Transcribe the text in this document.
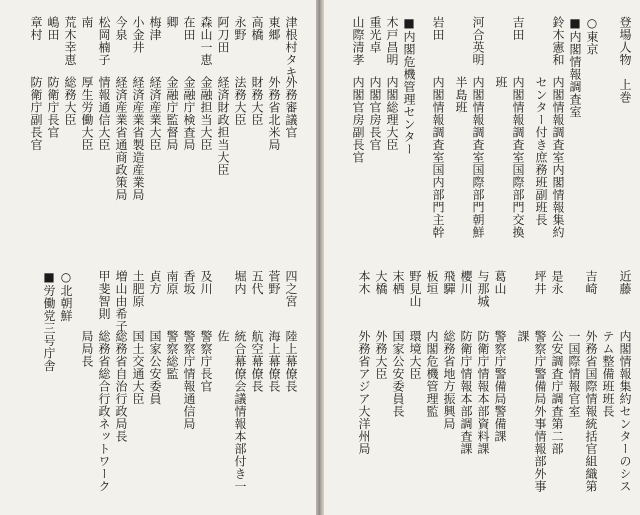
津根村タキ
外務審議官
東郷
外務省北米局
高橋
財務大臣
永野
法務大臣
阿刀田
経済財政担当大臣
森山一恵
金融担当大臣
在田
金融庁検査局
卿
金融庁監督局
梅津
経済産業大臣
小金井
経済産業省製造産業局
今泉
経済産業省通商政策局
松岡楠子
情報通信大臣
南
厚生労働大臣
荒木幸恵
総務大臣
嶋田
防衛庁長官
章村
防衛庁副長官
四之宮
陸上幕僚長
菅野
海上幕僚長
五代
航空幕僚長
堀内
統合幕僚会議情報本部付き一
佐
及川
警察庁長官
香坂
警察庁情報通信局
南原
警察総監
貞方
国家公安委員
土肥原
国土交通大臣
増山由希子
総務省自治行政局長
甲斐智則
総務省総合行政ネットワーク
局局長
○北朝鮮
■労働党三号庁舎
登場人物　上巻
○東京
■内閣情報調査室
鈴木憲和
内閣情報調査室内閣情報集約
センター付き庶務班副班長
吉田
内閣情報調査室国際部門交換
班
河合英明
内閣情報調査室国際部門朝鮮
半島班
岩田
内閣情報調査室国内部門主幹
■内閣危機管理センター
木戸昌明
内閣総理大臣
重光卓
内閣官房長官
山際清孝
内閣官房副長官
近藤
内閣情報集約センターのシス
テム整備班班長
吉崎
外務省国際情報統括官組織第
一国際情報官室
是永
公安調査庁調査第二部
坪井
警察庁警備局外事情報部外事
課
葛山
警察庁警備局警備課
与那城
防衛庁情報本部資料課
櫻川
防衛庁情報本部調査課
飛驒
総務省地方振興局
板垣
内閣危機管理監
野見山
環境大臣
末栖
国家公安委員長
大橋
外務大臣
本木
外務省アジア大洋州局
